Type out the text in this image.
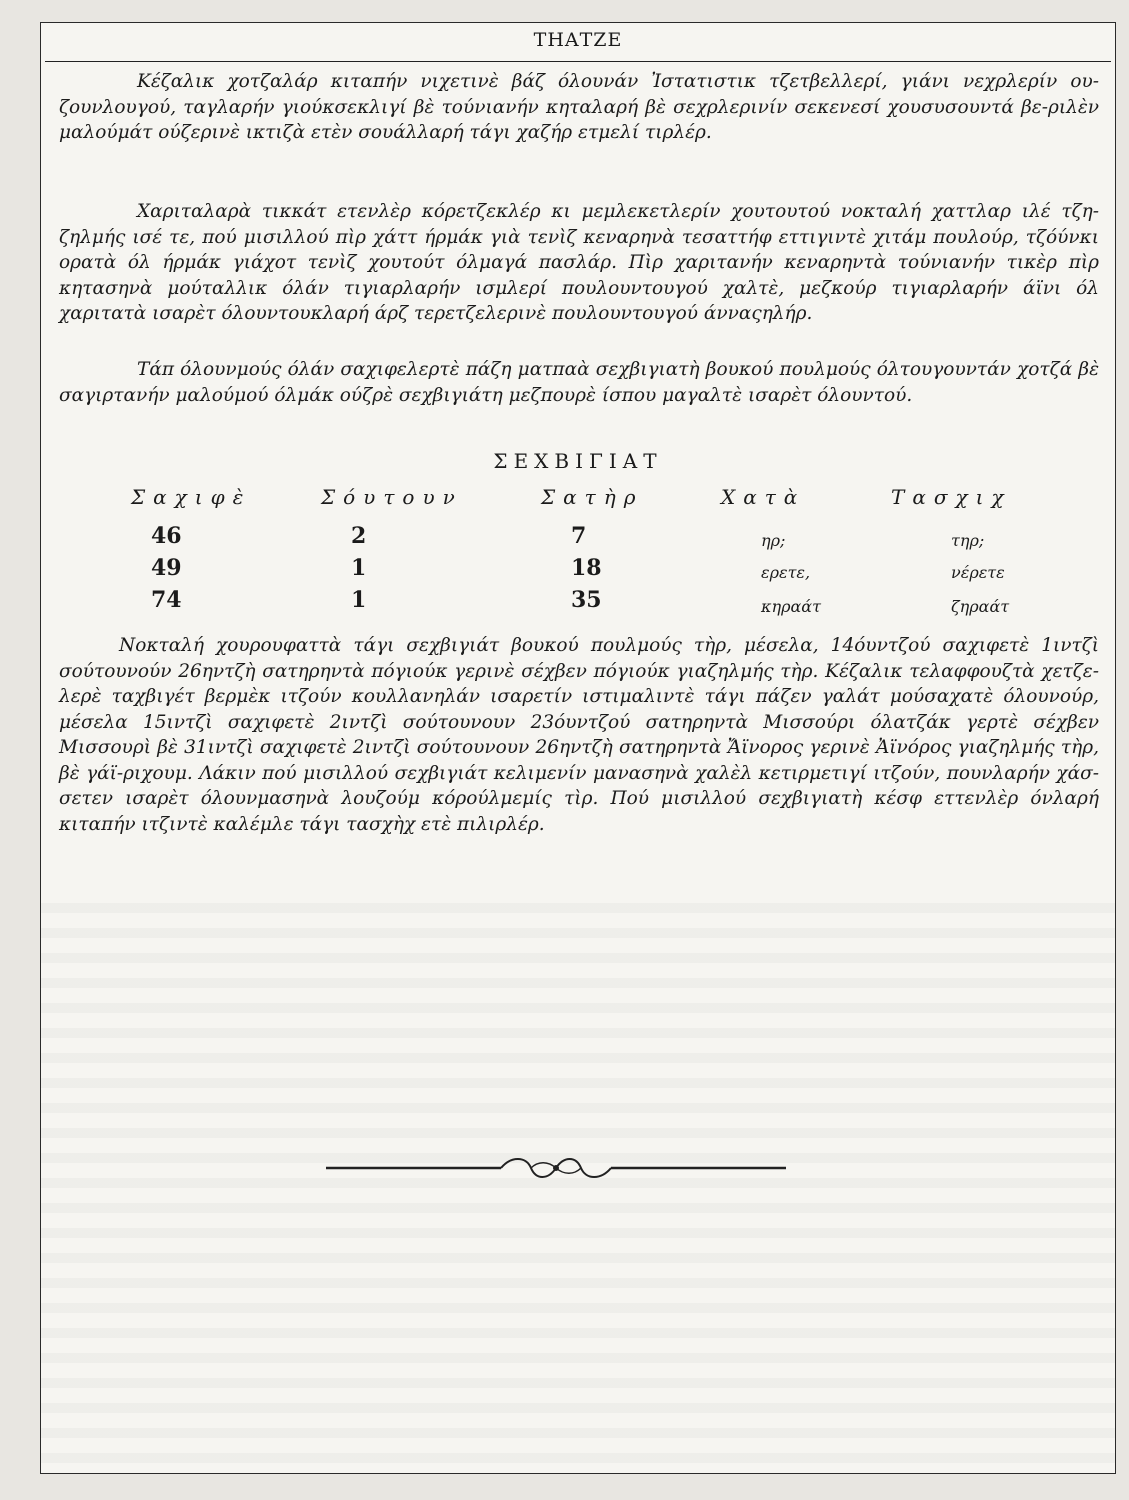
ΤΗΑΤΖΕ

Κέζαλικ χοτζαλάρ κιταπήν νιχετινὲ βάζ όλουνάν Ἰστατιστικ τζετβελλερί, γιάνι νεχρλερίν ου-ζουνλουγού, ταγλαρήν γιούκσεκλιγί βὲ τούνιανήν κηταλαρή βὲ σεχρλερινίν σεκενεσί χουσυσουντά βε-ριλὲν μαλούμάτ ούζερινὲ ικτιζὰ ετὲν σουάλλαρή τάγι χαζήρ ετμελί τιρλέρ.

Χαριταλαρὰ τικκάτ ετενλὲρ κόρετζεκλέρ κι μεμλεκετλερίν χουτουτού νοκταλή χαττλαρ ιλέ τζη-ζηλμής ισέ τε, πού μισιλλού πὶρ χάττ ήρμάκ γιὰ τενὶζ κεναρηνὰ τεσαττήφ εττιγιντὲ χιτάμ πουλούρ, τζόύνκι ορατὰ όλ ήρμάκ γιάχοτ τενὶζ χουτούτ όλμαγά πασλάρ. Πὶρ χαριτανήν κεναρηντὰ τούνιανήν τικὲρ πὶρ κητασηνὰ μούταλλικ όλάν τιγιαρλαρήν ισμλερί πουλουντουγού χαλτὲ, μεζκούρ τιγιαρλαρήν άϊνι όλ χαριτατὰ ισαρὲτ όλουντουκλαρή άρζ τερετζελερινὲ πουλουντουγού άνναςηλήρ.

Τάπ όλουνμούς όλάν σαχιφελερτὲ πάζη ματπαὰ σεχβιγιατὴ βουκού πουλμούς όλτουγουντάν χοτζά βὲ σαγιρτανήν μαλούμού όλμάκ ούζρὲ σεχβιγιάτη μεζπουρὲ ίσπου μαγαλτὲ ισαρὲτ όλουντού.

ΣΕΧΒΙΓΙΑΤ
Σαχιφὲ	Σόυτουν	Σατὴρ	Χατὰ	Τασχιχ
46	2	7	ηρ;	τηρ;
49	1	18	ερετε,	νέρετε
74	1	35	κηραάτ	ζηραάτ

Νοκταλή χουρουφαττὰ τάγι σεχβιγιάτ βουκού πουλμούς τὴρ, μέσελα, 14όυντζού σαχιφετὲ 1ιντζὶ σούτουνούν 26ηντζὴ σατηρηντὰ πόγιούκ γερινὲ σέχβεν πόγιούκ γιαζηλμής τὴρ. Κέζαλικ τελαφφουζτὰ χετζε-λερὲ ταχβιγέτ βερμὲκ ιτζούν κουλλανηλάν ισαρετίν ιστιμαλιντὲ τάγι πάζεν γαλάτ μούσαχατὲ όλουνούρ, μέσελα 15ιντζὶ σαχιφετὲ 2ιντζὶ σούτουνουν 23όυντζού σατηρηντὰ Μισσούρι όλατζάκ γερτὲ σέχβεν Μισσουρὶ βὲ 31ιντζὶ σαχιφετὲ 2ιντζὶ σούτουνουν 26ηντζὴ σατηρηντὰ Ἄϊνορος γερινὲ Ἀϊνόρος γιαζηλμής τὴρ, βὲ γάϊ-ριχουμ. Λάκιν πού μισιλλού σεχβιγιάτ κελιμενίν μανασηνὰ χαλὲλ κετιρμετιγί ιτζούν, πουνλαρήν χάσ-σετεν ισαρὲτ όλουνμασηνὰ λουζούμ κόρούλμεμίς τὶρ. Πού μισιλλού σεχβιγιατὴ κέσφ εττενλὲρ όνλαρή κιταπήν ιτζιντὲ καλέμλε τάγι τασχὴχ ετὲ πιλιρλέρ.
